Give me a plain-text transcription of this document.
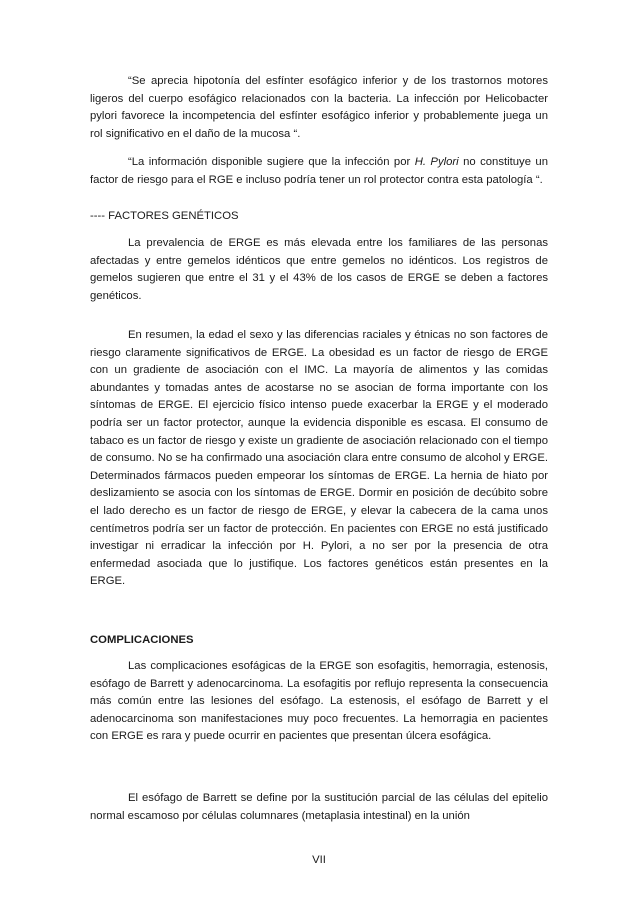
“Se aprecia hipotonía del esfínter esofágico inferior y de los trastornos motores ligeros del cuerpo esofágico relacionados con la bacteria. La infección por Helicobacter pylori favorece la incompetencia del esfínter esofágico inferior y probablemente juega un rol significativo en el daño de la mucosa “.

“La información disponible sugiere que la infección por H. Pylori no constituye un factor de riesgo para el RGE e incluso podría tener un rol protector contra esta patología “.

---- FACTORES GENÉTICOS

La prevalencia de ERGE es más elevada entre los familiares de las personas afectadas y entre gemelos idénticos que entre gemelos no idénticos. Los registros de gemelos sugieren que entre el 31 y el 43% de los casos de ERGE se deben a factores genéticos.

En resumen, la edad el sexo y las diferencias raciales y étnicas no son factores de riesgo claramente significativos de ERGE. La obesidad es un factor de riesgo de ERGE con un gradiente de asociación con el IMC. La mayoría de alimentos y las comidas abundantes y tomadas antes de acostarse no se asocian de forma importante con los síntomas de ERGE. El ejercicio físico intenso puede exacerbar la ERGE y el moderado podría ser un factor protector, aunque la evidencia disponible es escasa. El consumo de tabaco es un factor de riesgo y existe un gradiente de asociación relacionado con el tiempo de consumo. No se ha confirmado una asociación clara entre consumo de alcohol y ERGE. Determinados fármacos pueden empeorar los síntomas de ERGE. La hernia de hiato por deslizamiento se asocia con los síntomas de ERGE. Dormir en posición de decúbito sobre el lado derecho es un factor de riesgo de ERGE, y elevar la cabecera de la cama unos centímetros podría ser un factor de protección. En pacientes con ERGE no está justificado investigar ni erradicar la infección por H. Pylori, a no ser por la presencia de otra enfermedad asociada que lo justifique. Los factores genéticos están presentes en la ERGE.

COMPLICACIONES

Las complicaciones esofágicas de la ERGE son esofagitis, hemorragia, estenosis, esófago de Barrett y adenocarcinoma. La esofagitis por reflujo representa la consecuencia más común entre las lesiones del esófago. La estenosis, el esófago de Barrett y el adenocarcinoma son manifestaciones muy poco frecuentes. La hemorragia en pacientes con ERGE es rara y puede ocurrir en pacientes que presentan úlcera esofágica.

El esófago de Barrett se define por la sustitución parcial de las células del epitelio normal escamoso por células columnares (metaplasia intestinal) en la unión

VII
